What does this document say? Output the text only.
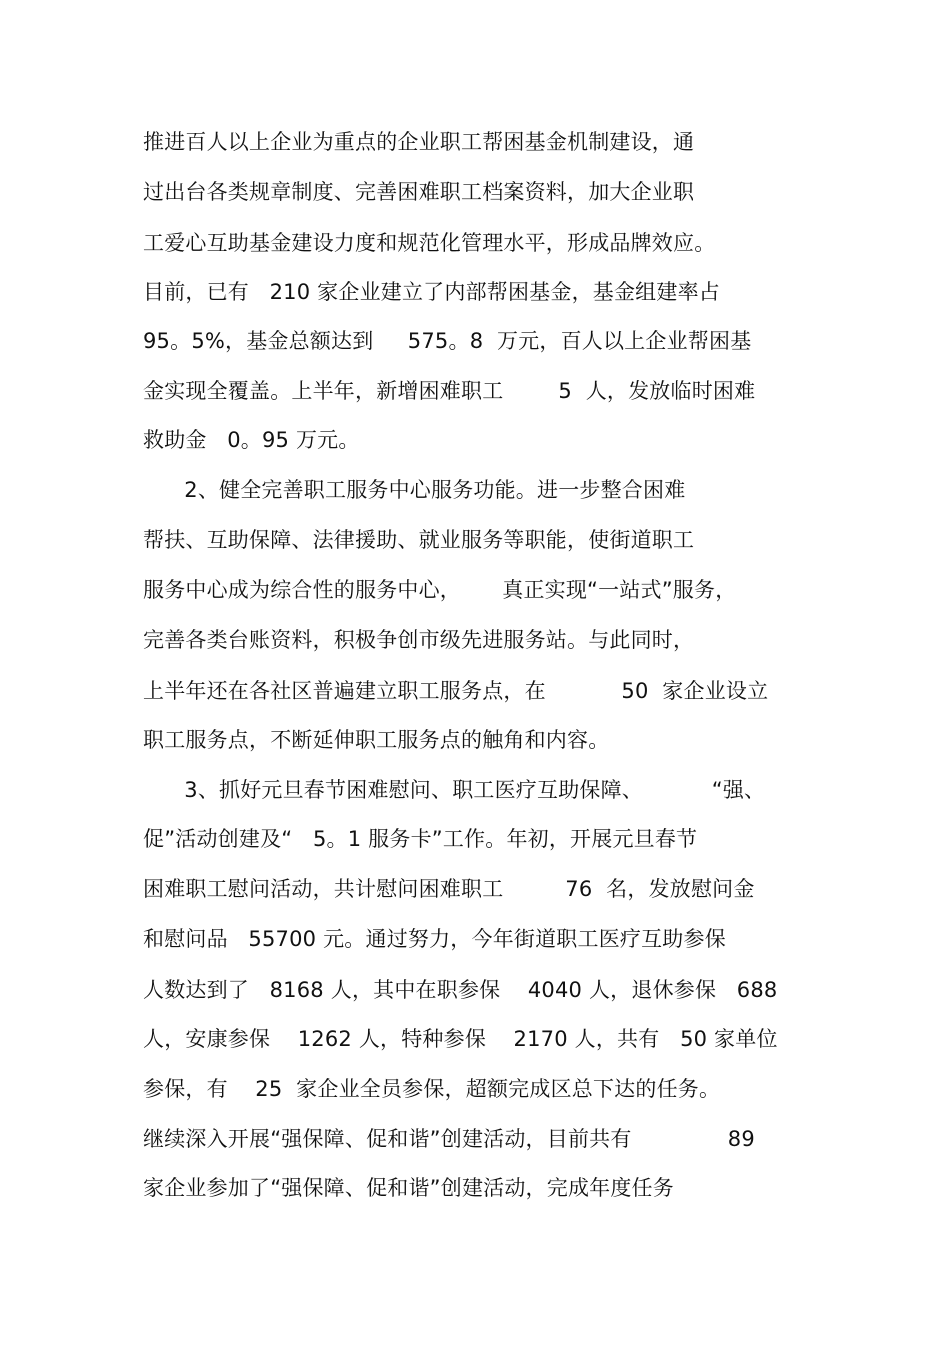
推进百人以上企业为重点的企业职工帮困基金机制建设，通
过出台各类规章制度、完善困难职工档案资料，加大企业职
工爱心互助基金建设力度和规范化管理水平，形成品牌效应。
目前，已有   210 家企业建立了内部帮困基金，基金组建率占
95。5%，基金总额达到     575。8  万元，百人以上企业帮困基
金实现全覆盖。上半年，新增困难职工        5  人，发放临时困难
救助金   0。95 万元。
2、健全完善职工服务中心服务功能。进一步整合困难
帮扶、互助保障、法律援助、就业服务等职能，使街道职工
服务中心成为综合性的服务中心，      真正实现“一站式”服务，
完善各类台账资料，积极争创市级先进服务站。与此同时，
上半年还在各社区普遍建立职工服务点，在           50  家企业设立
职工服务点，不断延伸职工服务点的触角和内容。
3、抓好元旦春节困难慰问、职工医疗互助保障、          “强、
促”活动创建及“   5。1 服务卡”工作。年初，开展元旦春节
困难职工慰问活动，共计慰问困难职工         76  名，发放慰问金
和慰问品   55700 元。通过努力，今年街道职工医疗互助参保
人数达到了   8168 人，其中在职参保    4040 人，退休参保   688
人，安康参保    1262 人，特种参保    2170 人，共有   50 家单位
参保，有    25  家企业全员参保，超额完成区总下达的任务。
继续深入开展“强保障、促和谐”创建活动，目前共有              89
家企业参加了“强保障、促和谐”创建活动，完成年度任务
